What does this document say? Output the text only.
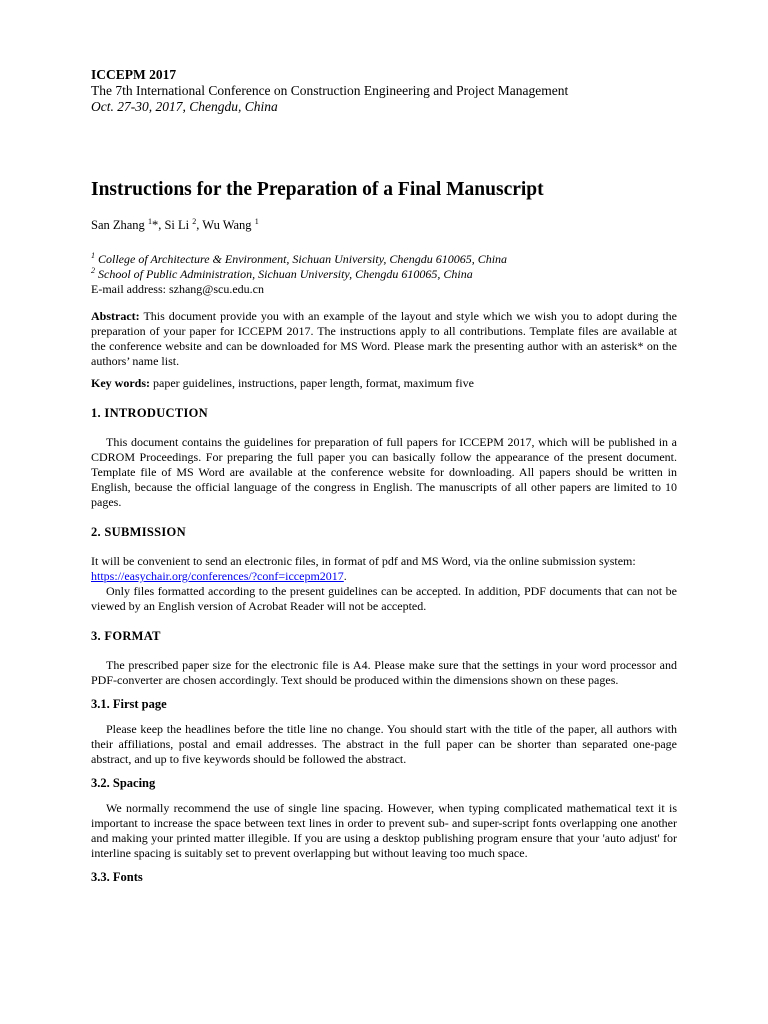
ICCEPM 2017
The 7th International Conference on Construction Engineering and Project Management
Oct. 27-30, 2017, Chengdu, China
Instructions for the Preparation of a Final Manuscript
San Zhang $^1$*, Si Li $^2$, Wu Wang $^1$
$^1$ College of Architecture & Environment, Sichuan University, Chengdu 610065, China
$^2$ School of Public Administration, Sichuan University, Chengdu 610065, China
E-mail address: szhang@scu.edu.cn

Abstract: This document provide you with an example of the layout and style which we wish you to adopt during the preparation of your paper for ICCEPM 2017. The instructions apply to all contributions. Template files are available at the conference website and can be downloaded for MS Word. Please mark the presenting author with an asterisk* on the authors’ name list.

Key words: paper guidelines, instructions, paper length, format, maximum five

1. INTRODUCTION

This document contains the guidelines for preparation of full papers for ICCEPM 2017, which will be published in a CDROM Proceedings. For preparing the full paper you can basically follow the appearance of the present document. Template file of MS Word are available at the conference website for downloading. All papers should be written in English, because the official language of the congress in English. The manuscripts of all other papers are limited to 10 pages.

2. SUBMISSION

It will be convenient to send an electronic files, in format of pdf and MS Word, via the online submission system:

https://easychair.org/conferences/?conf=iccepm2017.

Only files formatted according to the present guidelines can be accepted. In addition, PDF documents that can not be viewed by an English version of Acrobat Reader will not be accepted.

3. FORMAT

The prescribed paper size for the electronic file is A4. Please make sure that the settings in your word processor and PDF-converter are chosen accordingly. Text should be produced within the dimensions shown on these pages.

3.1. First page

Please keep the headlines before the title line no change. You should start with the title of the paper, all authors with their affiliations, postal and email addresses. The abstract in the full paper can be shorter than separated one-page abstract, and up to five keywords should be followed the abstract.

3.2. Spacing

We normally recommend the use of single line spacing. However, when typing complicated mathematical text it is important to increase the space between text lines in order to prevent sub- and super-script fonts overlapping one another and making your printed matter illegible. If you are using a desktop publishing program ensure that your 'auto adjust' for interline spacing is suitably set to prevent overlapping but without leaving too much space.

3.3. Fonts
